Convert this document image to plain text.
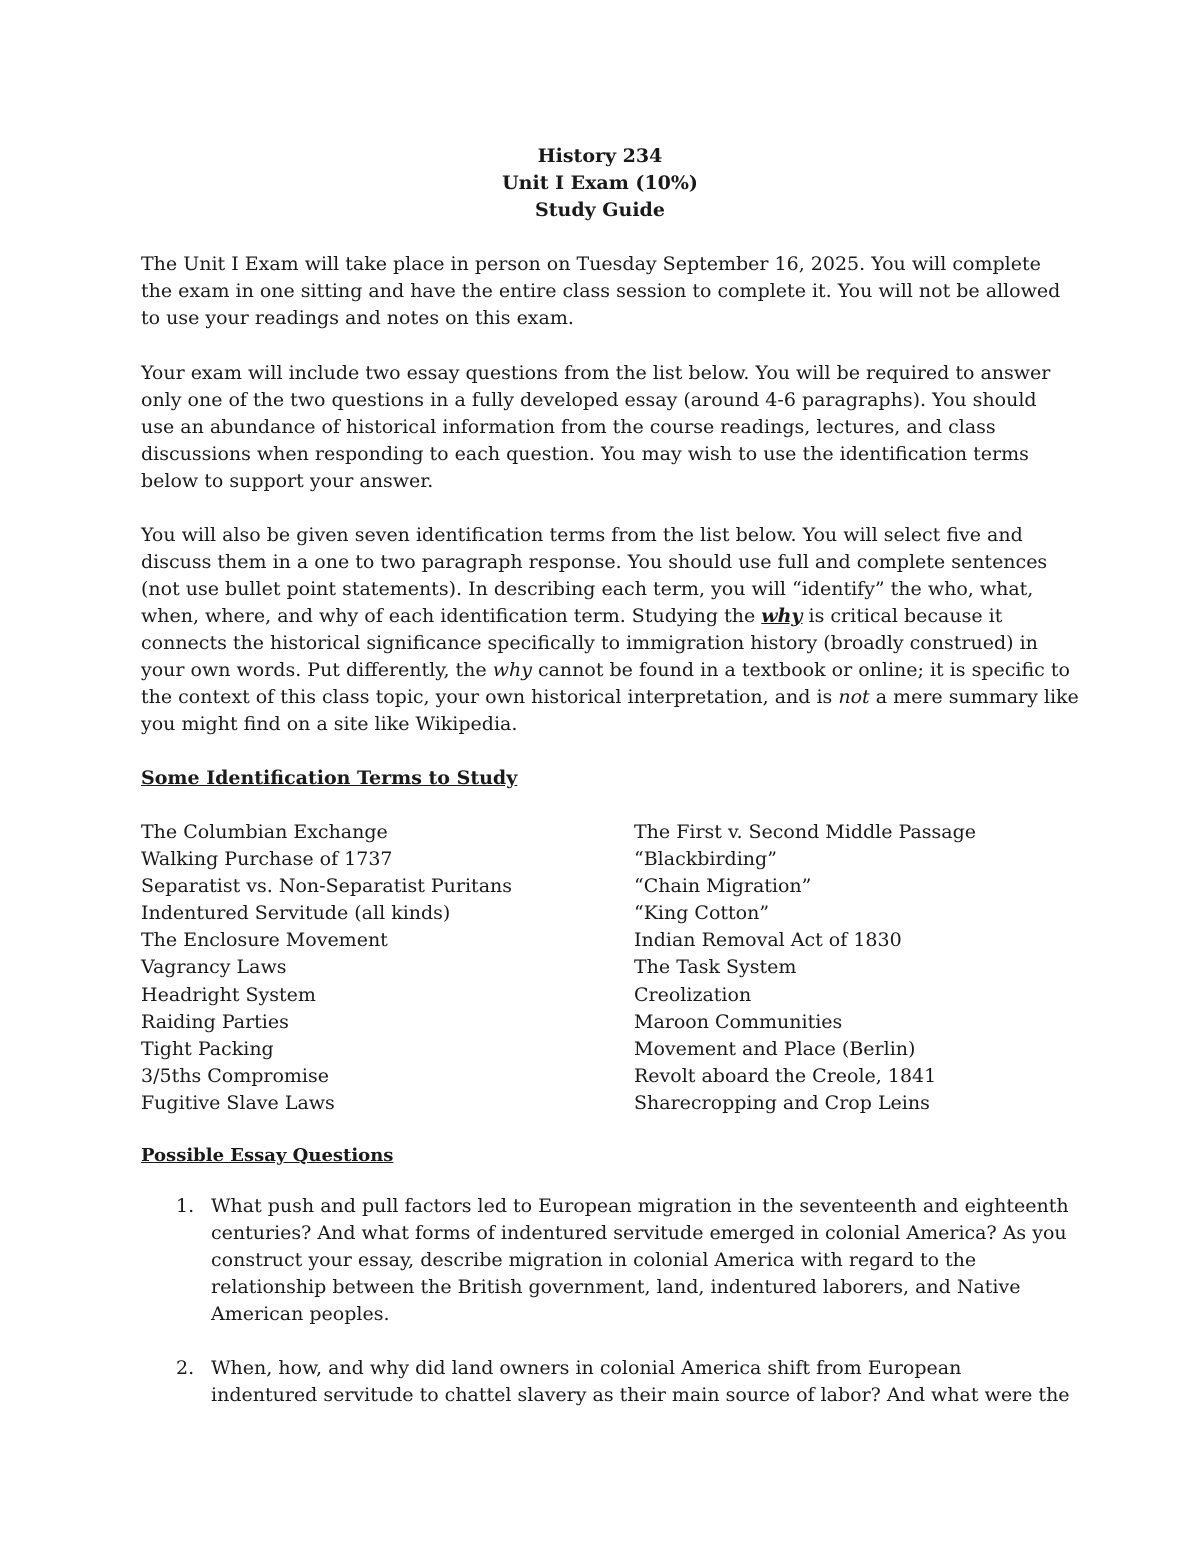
History 234
Unit I Exam (10%)
Study Guide
The Unit I Exam will take place in person on Tuesday September 16, 2025. You will complete
the exam in one sitting and have the entire class session to complete it. You will not be allowed
to use your readings and notes on this exam.
Your exam will include two essay questions from the list below. You will be required to answer
only one of the two questions in a fully developed essay (around 4-6 paragraphs). You should
use an abundance of historical information from the course readings, lectures, and class
discussions when responding to each question. You may wish to use the identification terms
below to support your answer.
You will also be given seven identification terms from the list below. You will select five and
discuss them in a one to two paragraph response. You should use full and complete sentences
(not use bullet point statements). In describing each term, you will “identify” the who, what,
when, where, and why of each identification term. Studying the why is critical because it
connects the historical significance specifically to immigration history (broadly construed) in
your own words. Put differently, the why cannot be found in a textbook or online; it is specific to
the context of this class topic, your own historical interpretation, and is not a mere summary like
you might find on a site like Wikipedia.
Some Identification Terms to Study
The Columbian Exchange
Walking Purchase of 1737
Separatist vs. Non-Separatist Puritans
Indentured Servitude (all kinds)
The Enclosure Movement
Vagrancy Laws
Headright System
Raiding Parties
Tight Packing
3/5ths Compromise
Fugitive Slave Laws
The First v. Second Middle Passage
“Blackbirding”
“Chain Migration”
“King Cotton”
Indian Removal Act of 1830
The Task System
Creolization
Maroon Communities
Movement and Place (Berlin)
Revolt aboard the Creole, 1841
Sharecropping and Crop Leins
Possible Essay Questions
1. What push and pull factors led to European migration in the seventeenth and eighteenth
centuries? And what forms of indentured servitude emerged in colonial America? As you
construct your essay, describe migration in colonial America with regard to the
relationship between the British government, land, indentured laborers, and Native
American peoples.
2. When, how, and why did land owners in colonial America shift from European
indentured servitude to chattel slavery as their main source of labor? And what were the
